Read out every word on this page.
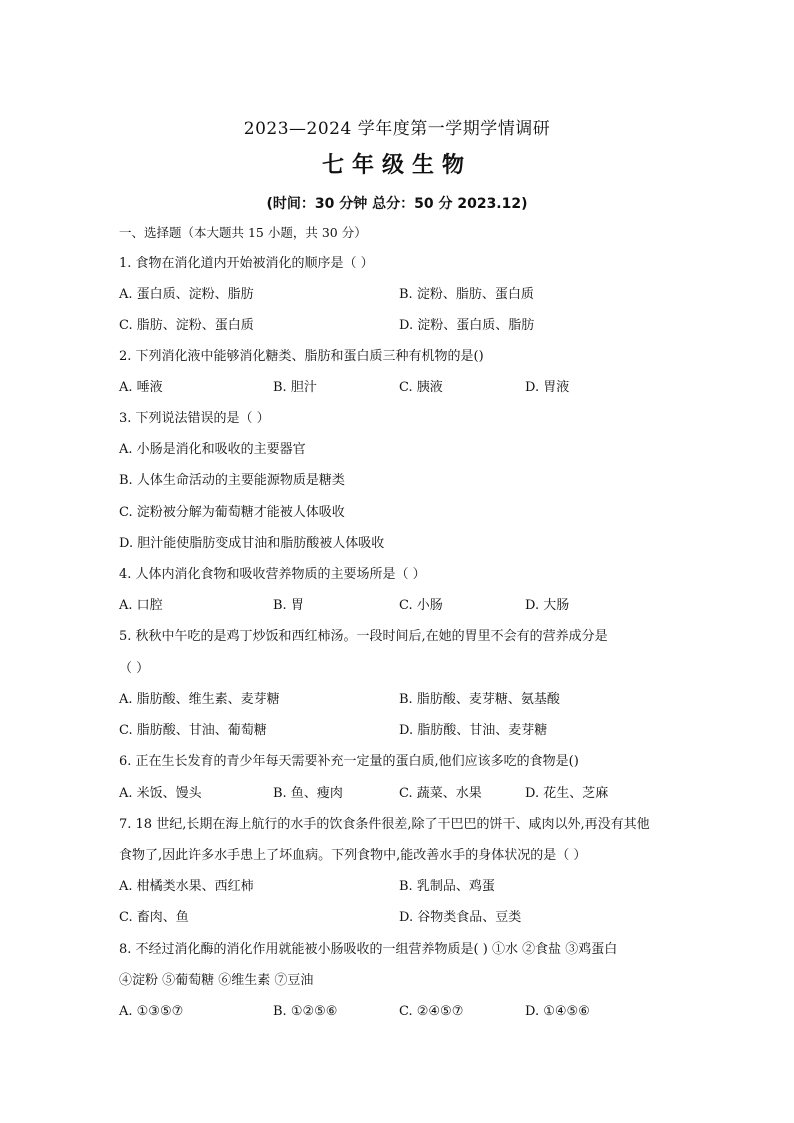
2023—2024 学年度第一学期学情调研
七年级生物
(时间：30 分钟 总分：50 分 2023.12)
一、选择题（本大题共 15 小题，共 30 分）
1. 食物在消化道内开始被消化的顺序是（ ）
A. 蛋白质、淀粉、脂肪	B. 淀粉、脂肪、蛋白质
C. 脂肪、淀粉、蛋白质	D. 淀粉、蛋白质、脂肪
2. 下列消化液中能够消化糖类、脂肪和蛋白质三种有机物的是()
A. 唾液	B. 胆汁	C. 胰液	D. 胃液
3. 下列说法错误的是（ ）
A. 小肠是消化和吸收的主要器官
B. 人体生命活动的主要能源物质是糖类
C. 淀粉被分解为葡萄糖才能被人体吸收
D. 胆汁能使脂肪变成甘油和脂肪酸被人体吸收
4. 人体内消化食物和吸收营养物质的主要场所是（ ）
A. 口腔	B. 胃	C. 小肠	D. 大肠
5. 秋秋中午吃的是鸡丁炒饭和西红柿汤。一段时间后,在她的胃里不会有的营养成分是
（ ）
A. 脂肪酸、维生素、麦芽糖	B. 脂肪酸、麦芽糖、氨基酸
C. 脂肪酸、甘油、葡萄糖	D. 脂肪酸、甘油、麦芽糖
6. 正在生长发育的青少年每天需要补充一定量的蛋白质,他们应该多吃的食物是()
A. 米饭、馒头	B. 鱼、瘦肉	C. 蔬菜、水果	D. 花生、芝麻
7. 18 世纪,长期在海上航行的水手的饮食条件很差,除了干巴巴的饼干、咸肉以外,再没有其他
食物了,因此许多水手患上了坏血病。下列食物中,能改善水手的身体状况的是（ ）
A. 柑橘类水果、西红柿	B. 乳制品、鸡蛋
C. 畜肉、鱼	D. 谷物类食品、豆类
8. 不经过消化酶的消化作用就能被小肠吸收的一组营养物质是( ) ①水 ②食盐 ③鸡蛋白
④淀粉 ⑤葡萄糖 ⑥维生素 ⑦豆油
A. ①③⑤⑦	B. ①②⑤⑥	C. ②④⑤⑦	D. ①④⑤⑥
